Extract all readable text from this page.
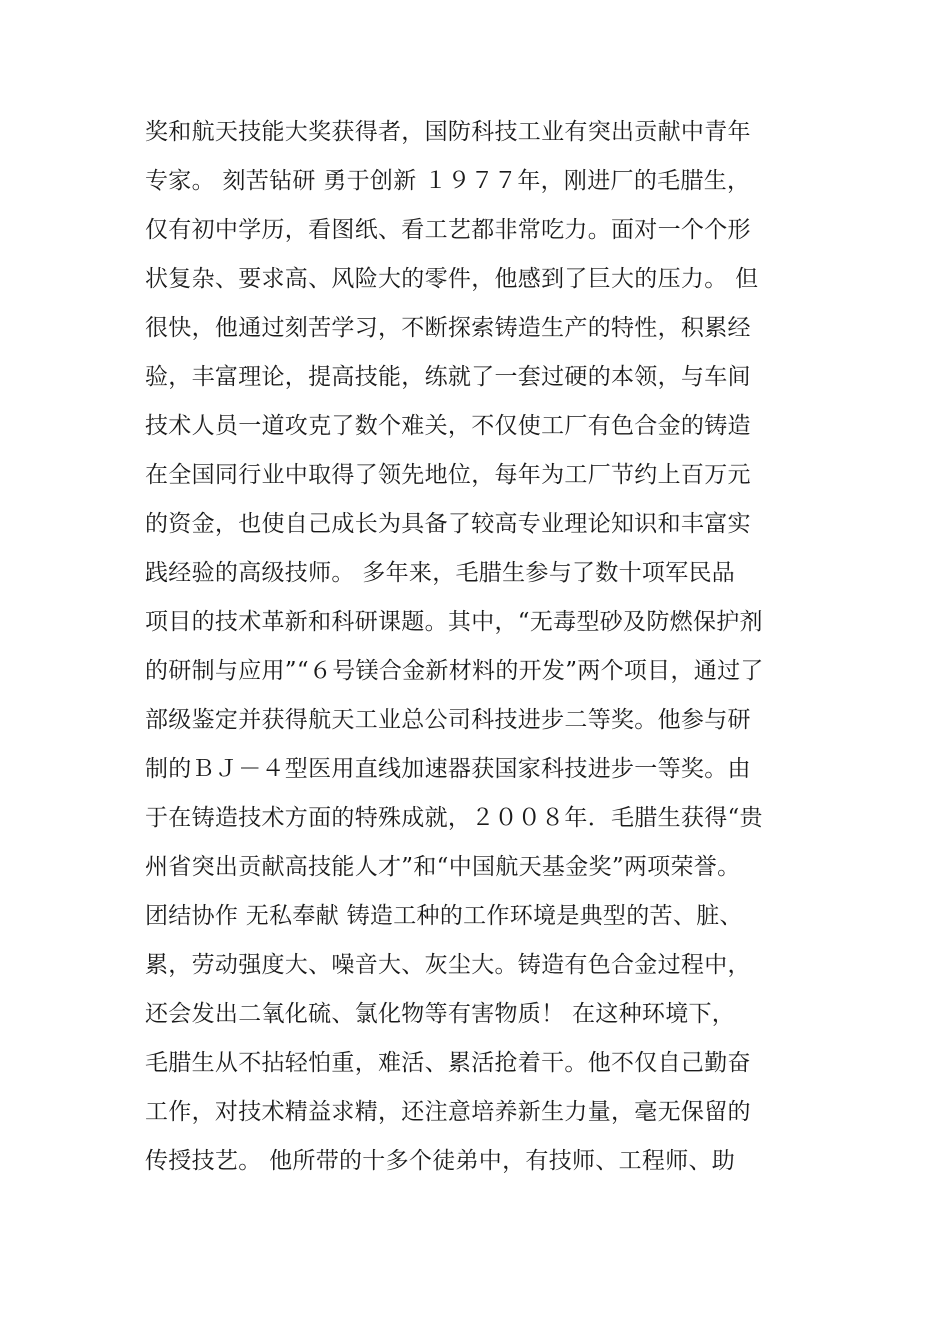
奖和航天技能大奖获得者，国防科技工业有突出贡献中青年
专家。 刻苦钻研 勇于创新 １９７７年，刚进厂的毛腊生，
仅有初中学历，看图纸、看工艺都非常吃力。面对一个个形
状复杂、要求高、风险大的零件，他感到了巨大的压力。 但
很快，他通过刻苦学习，不断探索铸造生产的特性，积累经
验，丰富理论，提高技能，练就了一套过硬的本领，与车间
技术人员一道攻克了数个难关，不仅使工厂有色合金的铸造
在全国同行业中取得了领先地位，每年为工厂节约上百万元
的资金，也使自己成长为具备了较高专业理论知识和丰富实
践经验的高级技师。 多年来，毛腊生参与了数十项军民品
项目的技术革新和科研课题。其中，“无毒型砂及防燃保护剂
的研制与应用”“６号镁合金新材料的开发”两个项目，通过了
部级鉴定并获得航天工业总公司科技进步二等奖。他参与研
制的ＢＪ－４型医用直线加速器获国家科技进步一等奖。由
于在铸造技术方面的特殊成就，２００８年．毛腊生获得“贵
州省突出贡献高技能人才”和“中国航天基金奖”两项荣誉。
团结协作 无私奉献 铸造工种的工作环境是典型的苦、脏、
累，劳动强度大、噪音大、灰尘大。铸造有色合金过程中，
还会发出二氧化硫、氯化物等有害物质！ 在这种环境下，
毛腊生从不拈轻怕重，难活、累活抢着干。他不仅自己勤奋
工作，对技术精益求精，还注意培养新生力量，毫无保留的
传授技艺。 他所带的十多个徒弟中，有技师、工程师、助
